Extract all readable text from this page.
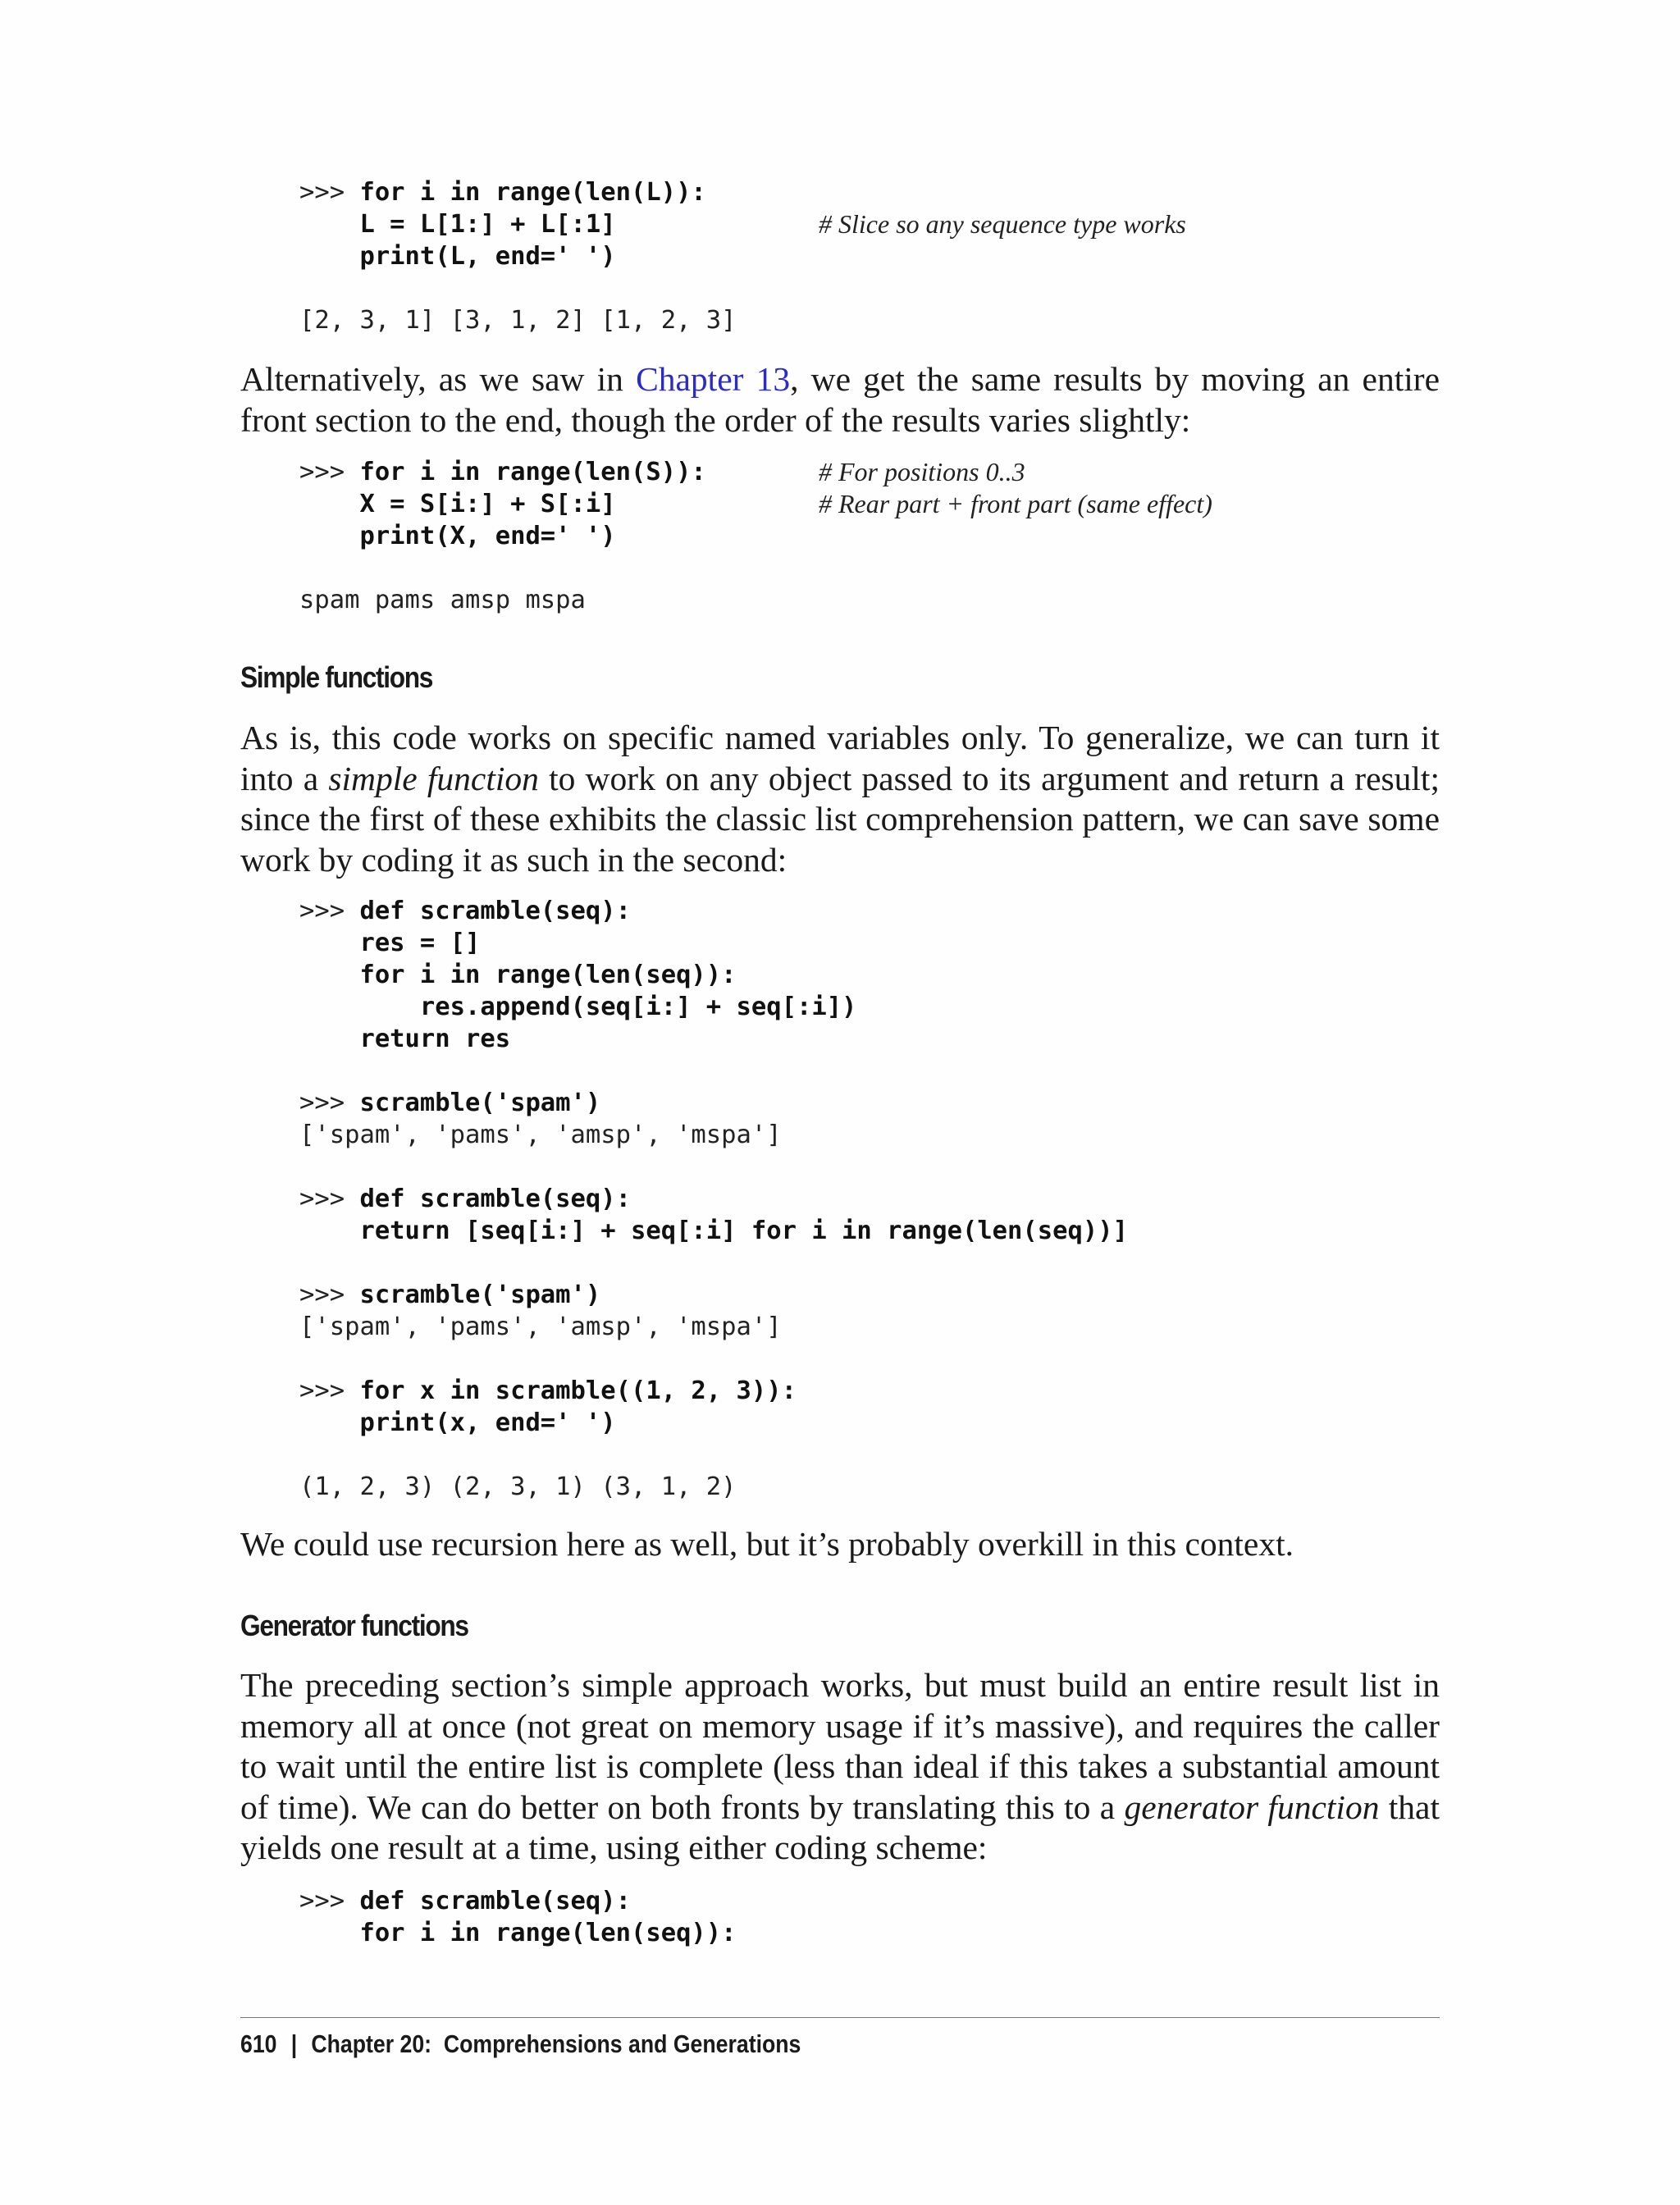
>>> for i in range(len(L)):
L = L[1:] + L[:1]
print(L, end=' ')

[2, 3, 1] [3, 1, 2] [1, 2, 3]

# Slice so any sequence type works

Alternatively, as we saw in Chapter 13, we get the same results by moving an entire front section to the end, though the order of the results varies slightly:

>>> for i in range(len(S)):
X = S[i:] + S[:i]
print(X, end=' ')

spam pams amsp mspa

# For positions 0..3

# Rear part + front part (same effect)

Simple functions

As is, this code works on specific named variables only. To generalize, we can turn it into a simple function to work on any object passed to its argument and return a result; since the first of these exhibits the classic list comprehension pattern, we can save some work by coding it as such in the second:

>>> def scramble(seq):
res = []
for i in range(len(seq)):
res.append(seq[i:] + seq[:i])
return res

>>> scramble('spam')
['spam', 'pams', 'amsp', 'mspa']

>>> def scramble(seq):
return [seq[i:] + seq[:i] for i in range(len(seq))]

>>> scramble('spam')
['spam', 'pams', 'amsp', 'mspa']

>>> for x in scramble((1, 2, 3)):
print(x, end=' ')

(1, 2, 3) (2, 3, 1) (3, 1, 2)

We could use recursion here as well, but it’s probably overkill in this context.

Generator functions

The preceding section’s simple approach works, but must build an entire result list in memory all at once (not great on memory usage if it’s massive), and requires the caller to wait until the entire list is complete (less than ideal if this takes a substantial amount of time). We can do better on both fronts by translating this to a generator function that yields one result at a time, using either coding scheme:

>>> def scramble(seq):
for i in range(len(seq)):

610 | Chapter 20:  Comprehensions and Generations
